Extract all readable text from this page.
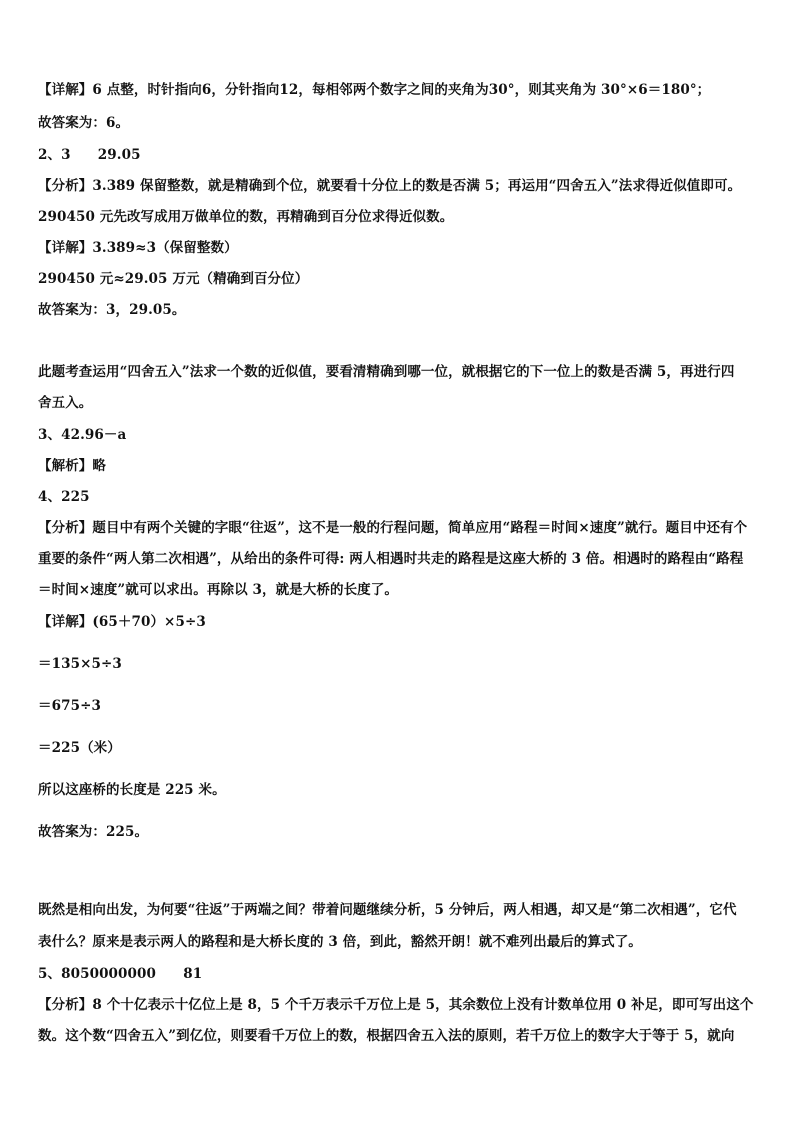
【详解】6 点整，时针指向6，分针指向12，每相邻两个数字之间的夹角为30°，则其夹角为 30°×6＝180°；
故答案为：6。
2、3　　29.05
【分析】3.389 保留整数，就是精确到个位，就要看十分位上的数是否满 5；再运用“四舍五入”法求得近似值即可。
290450 元先改写成用万做单位的数，再精确到百分位求得近似数。
【详解】3.389≈3（保留整数）
290450 元≈29.05 万元（精确到百分位）
故答案为：3，29.05。
此题考查运用“四舍五入”法求一个数的近似值，要看清精确到哪一位，就根据它的下一位上的数是否满 5，再进行四
舍五入。
3、42.96－a
【解析】略
4、225
【分析】题目中有两个关键的字眼“往返”，这不是一般的行程问题，简单应用“路程＝时间×速度”就行。题目中还有个
重要的条件“两人第二次相遇”，从给出的条件可得: 两人相遇时共走的路程是这座大桥的 3 倍。相遇时的路程由“路程
＝时间×速度”就可以求出。再除以 3，就是大桥的长度了。
【详解】(65＋70）×5÷3
＝135×5÷3
＝675÷3
＝225（米）
所以这座桥的长度是 225 米。
故答案为：225。
既然是相向出发，为何要“往返”于两端之间？带着问题继续分析，5 分钟后，两人相遇，却又是“第二次相遇”，它代
表什么？原来是表示两人的路程和是大桥长度的 3 倍，到此，豁然开朗！就不难列出最后的算式了。
5、8050000000　　81
【分析】8 个十亿表示十亿位上是 8，5 个千万表示千万位上是 5，其余数位上没有计数单位用 0 补足，即可写出这个
数。这个数“四舍五入”到亿位，则要看千万位上的数，根据四舍五入法的原则，若千万位上的数字大于等于 5，就向
